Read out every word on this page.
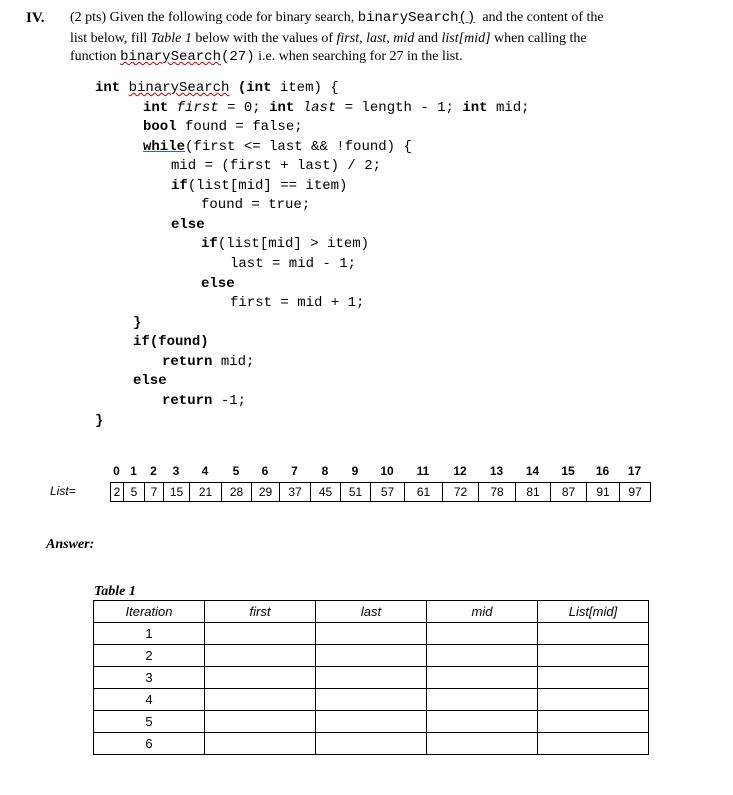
IV. (2 pts) Given the following code for binary search, binarySearch() and the content of the
list below, fill Table 1 below with the values of first, last, mid and list[mid] when calling the
function binarySearch(27) i.e. when searching for 27 in the list.
int binarySearch (int item) {
int first = 0; int last = length - 1; int mid;
bool found = false;
while(first <= last && !found) {
mid = (first + last) / 2;
if(list[mid] == item)
found = true;
else
if(list[mid] > item)
last = mid - 1;
else
first = mid + 1;
}
if(found)
return mid;
else
return -1;
}
0 1	2	3	4	5	6	7	8	9	10	11	12	13	14	15	16	17
List=	2	5	7	15	21	28	29	37	45	51	57	61	72	78	81	87	91	97
Answer:
Table 1
Iteration	first	last	mid	List[mid]
1				
2				
3				
4				
5				
6				
